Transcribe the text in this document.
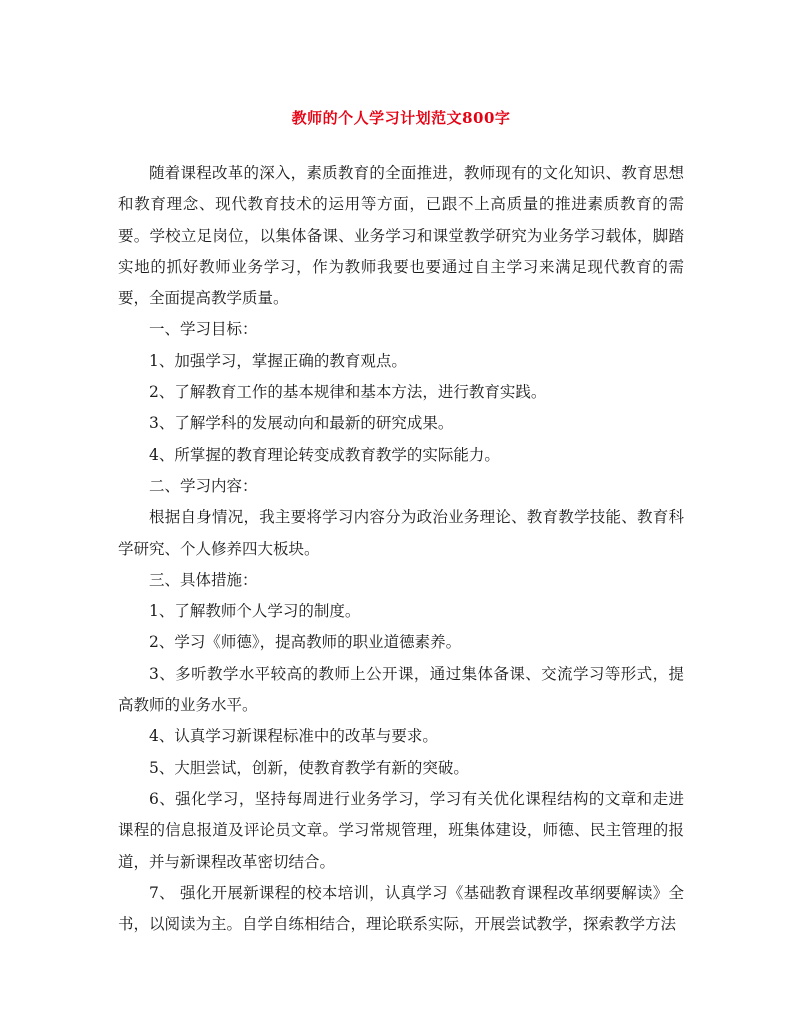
教师的个人学习计划范文800字

随着课程改革的深入，素质教育的全面推进，教师现有的文化知识、教育思想和教育理念、现代教育技术的运用等方面，已跟不上高质量的推进素质教育的需要。学校立足岗位，以集体备课、业务学习和课堂教学研究为业务学习载体，脚踏实地的抓好教师业务学习，作为教师我要也要通过自主学习来满足现代教育的需要，全面提高教学质量。

一、学习目标：

1、加强学习，掌握正确的教育观点。

2、了解教育工作的基本规律和基本方法，进行教育实践。

3、了解学科的发展动向和最新的研究成果。

4、所掌握的教育理论转变成教育教学的实际能力。

二、学习内容：

根据自身情况，我主要将学习内容分为政治业务理论、教育教学技能、教育科学研究、个人修养四大板块。

三、具体措施：

1、了解教师个人学习的制度。

2、学习《师德》，提高教师的职业道德素养。

3、多听教学水平较高的教师上公开课，通过集体备课、交流学习等形式，提高教师的业务水平。

4、认真学习新课程标准中的改革与要求。

5、大胆尝试，创新，使教育教学有新的突破。

6、强化学习，坚持每周进行业务学习，学习有关优化课程结构的文章和走进课程的信息报道及评论员文章。学习常规管理，班集体建设，师德、民主管理的报道，并与新课程改革密切结合。

7、 强化开展新课程的校本培训，认真学习《基础教育课程改革纲要解读》全书，以阅读为主。自学自练相结合，理论联系实际，开展尝试教学，探索教学方法
